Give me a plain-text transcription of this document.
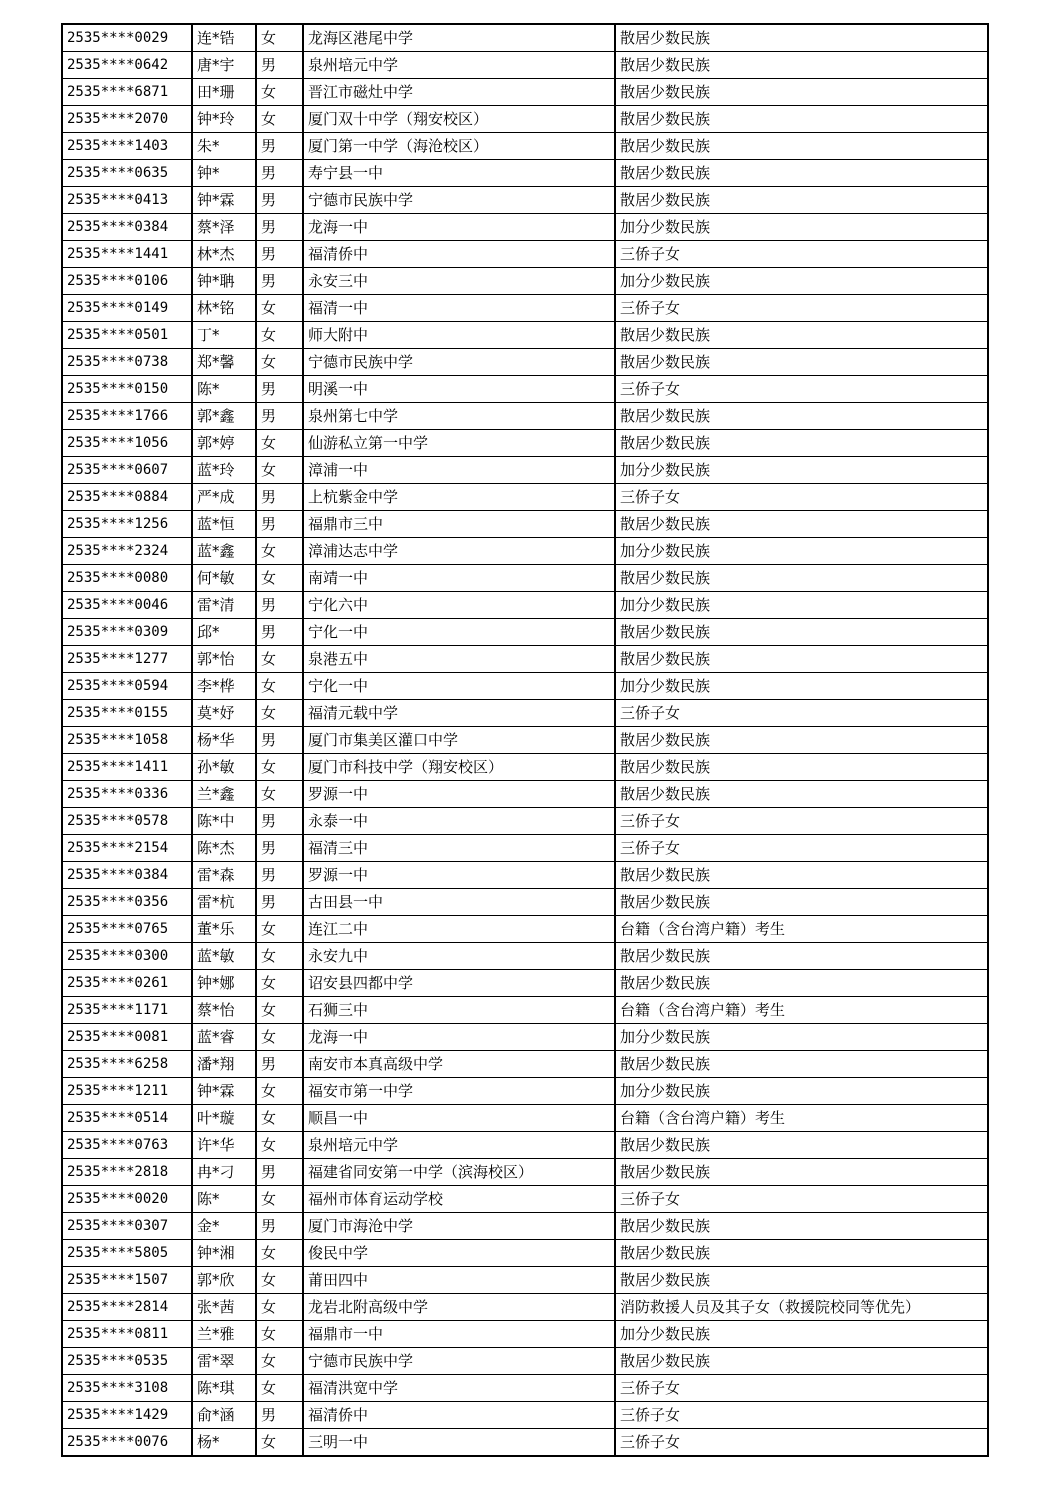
2535****0029	连*锆	女	龙海区港尾中学	散居少数民族
2535****0642	唐*宇	男	泉州培元中学	散居少数民族
2535****6871	田*珊	女	晋江市磁灶中学	散居少数民族
2535****2070	钟*玲	女	厦门双十中学（翔安校区）	散居少数民族
2535****1403	朱*	男	厦门第一中学（海沧校区）	散居少数民族
2535****0635	钟*	男	寿宁县一中	散居少数民族
2535****0413	钟*霖	男	宁德市民族中学	散居少数民族
2535****0384	蔡*泽	男	龙海一中	加分少数民族
2535****1441	林*杰	男	福清侨中	三侨子女
2535****0106	钟*聃	男	永安三中	加分少数民族
2535****0149	林*铭	女	福清一中	三侨子女
2535****0501	丁*	女	师大附中	散居少数民族
2535****0738	郑*馨	女	宁德市民族中学	散居少数民族
2535****0150	陈*	男	明溪一中	三侨子女
2535****1766	郭*鑫	男	泉州第七中学	散居少数民族
2535****1056	郭*婷	女	仙游私立第一中学	散居少数民族
2535****0607	蓝*玲	女	漳浦一中	加分少数民族
2535****0884	严*成	男	上杭紫金中学	三侨子女
2535****1256	蓝*恒	男	福鼎市三中	散居少数民族
2535****2324	蓝*鑫	女	漳浦达志中学	加分少数民族
2535****0080	何*敏	女	南靖一中	散居少数民族
2535****0046	雷*清	男	宁化六中	加分少数民族
2535****0309	邱*	男	宁化一中	散居少数民族
2535****1277	郭*怡	女	泉港五中	散居少数民族
2535****0594	李*桦	女	宁化一中	加分少数民族
2535****0155	莫*妤	女	福清元载中学	三侨子女
2535****1058	杨*华	男	厦门市集美区灌口中学	散居少数民族
2535****1411	孙*敏	女	厦门市科技中学（翔安校区）	散居少数民族
2535****0336	兰*鑫	女	罗源一中	散居少数民族
2535****0578	陈*中	男	永泰一中	三侨子女
2535****2154	陈*杰	男	福清三中	三侨子女
2535****0384	雷*森	男	罗源一中	散居少数民族
2535****0356	雷*杭	男	古田县一中	散居少数民族
2535****0765	董*乐	女	连江二中	台籍（含台湾户籍）考生
2535****0300	蓝*敏	女	永安九中	散居少数民族
2535****0261	钟*娜	女	诏安县四都中学	散居少数民族
2535****1171	蔡*怡	女	石狮三中	台籍（含台湾户籍）考生
2535****0081	蓝*睿	女	龙海一中	加分少数民族
2535****6258	潘*翔	男	南安市本真高级中学	散居少数民族
2535****1211	钟*霖	女	福安市第一中学	加分少数民族
2535****0514	叶*璇	女	顺昌一中	台籍（含台湾户籍）考生
2535****0763	许*华	女	泉州培元中学	散居少数民族
2535****2818	冉*刁	男	福建省同安第一中学（滨海校区）	散居少数民族
2535****0020	陈*	女	福州市体育运动学校	三侨子女
2535****0307	金*	男	厦门市海沧中学	散居少数民族
2535****5805	钟*湘	女	俊民中学	散居少数民族
2535****1507	郭*欣	女	莆田四中	散居少数民族
2535****2814	张*茜	女	龙岩北附高级中学	消防救援人员及其子女（救援院校同等优先）
2535****0811	兰*雅	女	福鼎市一中	加分少数民族
2535****0535	雷*翠	女	宁德市民族中学	散居少数民族
2535****3108	陈*琪	女	福清洪宽中学	三侨子女
2535****1429	俞*涵	男	福清侨中	三侨子女
2535****0076	杨*	女	三明一中	三侨子女
